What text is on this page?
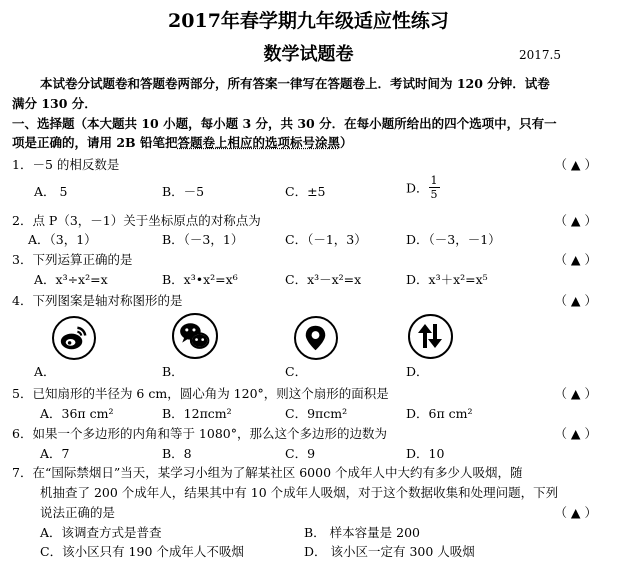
2017年春学期九年级适应性练习
数学试题卷	2017.5
本试卷分试题卷和答题卷两部分，所有答案一律写在答题卷上．考试时间为 120 分钟．试卷
满分 130 分．
一、选择题（本大题共 10 小题，每小题 3 分，共 30 分．在每小题所给出的四个选项中，只有一
项是正确的，请用 2B 铅笔把答题卷上相应的选项标号涂黑）
1．－5 的相反数是	（ ▲ ）
A． 5	B．－5	C．±5	D． $\frac{1}{5}$
2．点 P（3，－1）关于坐标原点的对称点为	（ ▲ ）
A．（3，1）	B．（－3，1）	C．（－1，3）	D．（－3，－1）
3．下列运算正确的是	（ ▲ ）
A．x³÷x²=x	B．x³•x²=x⁶	C．x³－x²=x	D．x³＋x²=x⁵
4．下列图案是轴对称图形的是	（ ▲ ）
A．	B．	C．	D．
5．已知扇形的半径为 6 cm，圆心角为 120°，则这个扇形的面积是	（ ▲ ）
A．36π cm²	B．12πcm²	C．9πcm²	D．6π cm²
6．如果一个多边形的内角和等于 1080°，那么这个多边形的边数为	（ ▲ ）
A．7	B．8	C．9	D．10
7．在“国际禁烟日”当天，某学习小组为了解某社区 6000 个成年人中大约有多少人吸烟，随
机抽查了 200 个成年人，结果其中有 10 个成年人吸烟，对于这个数据收集和处理问题，下列
说法正确的是	（ ▲ ）
A．该调查方式是普查	B． 样本容量是 200
C．该小区只有 190 个成年人不吸烟	D． 该小区一定有 300 人吸烟
